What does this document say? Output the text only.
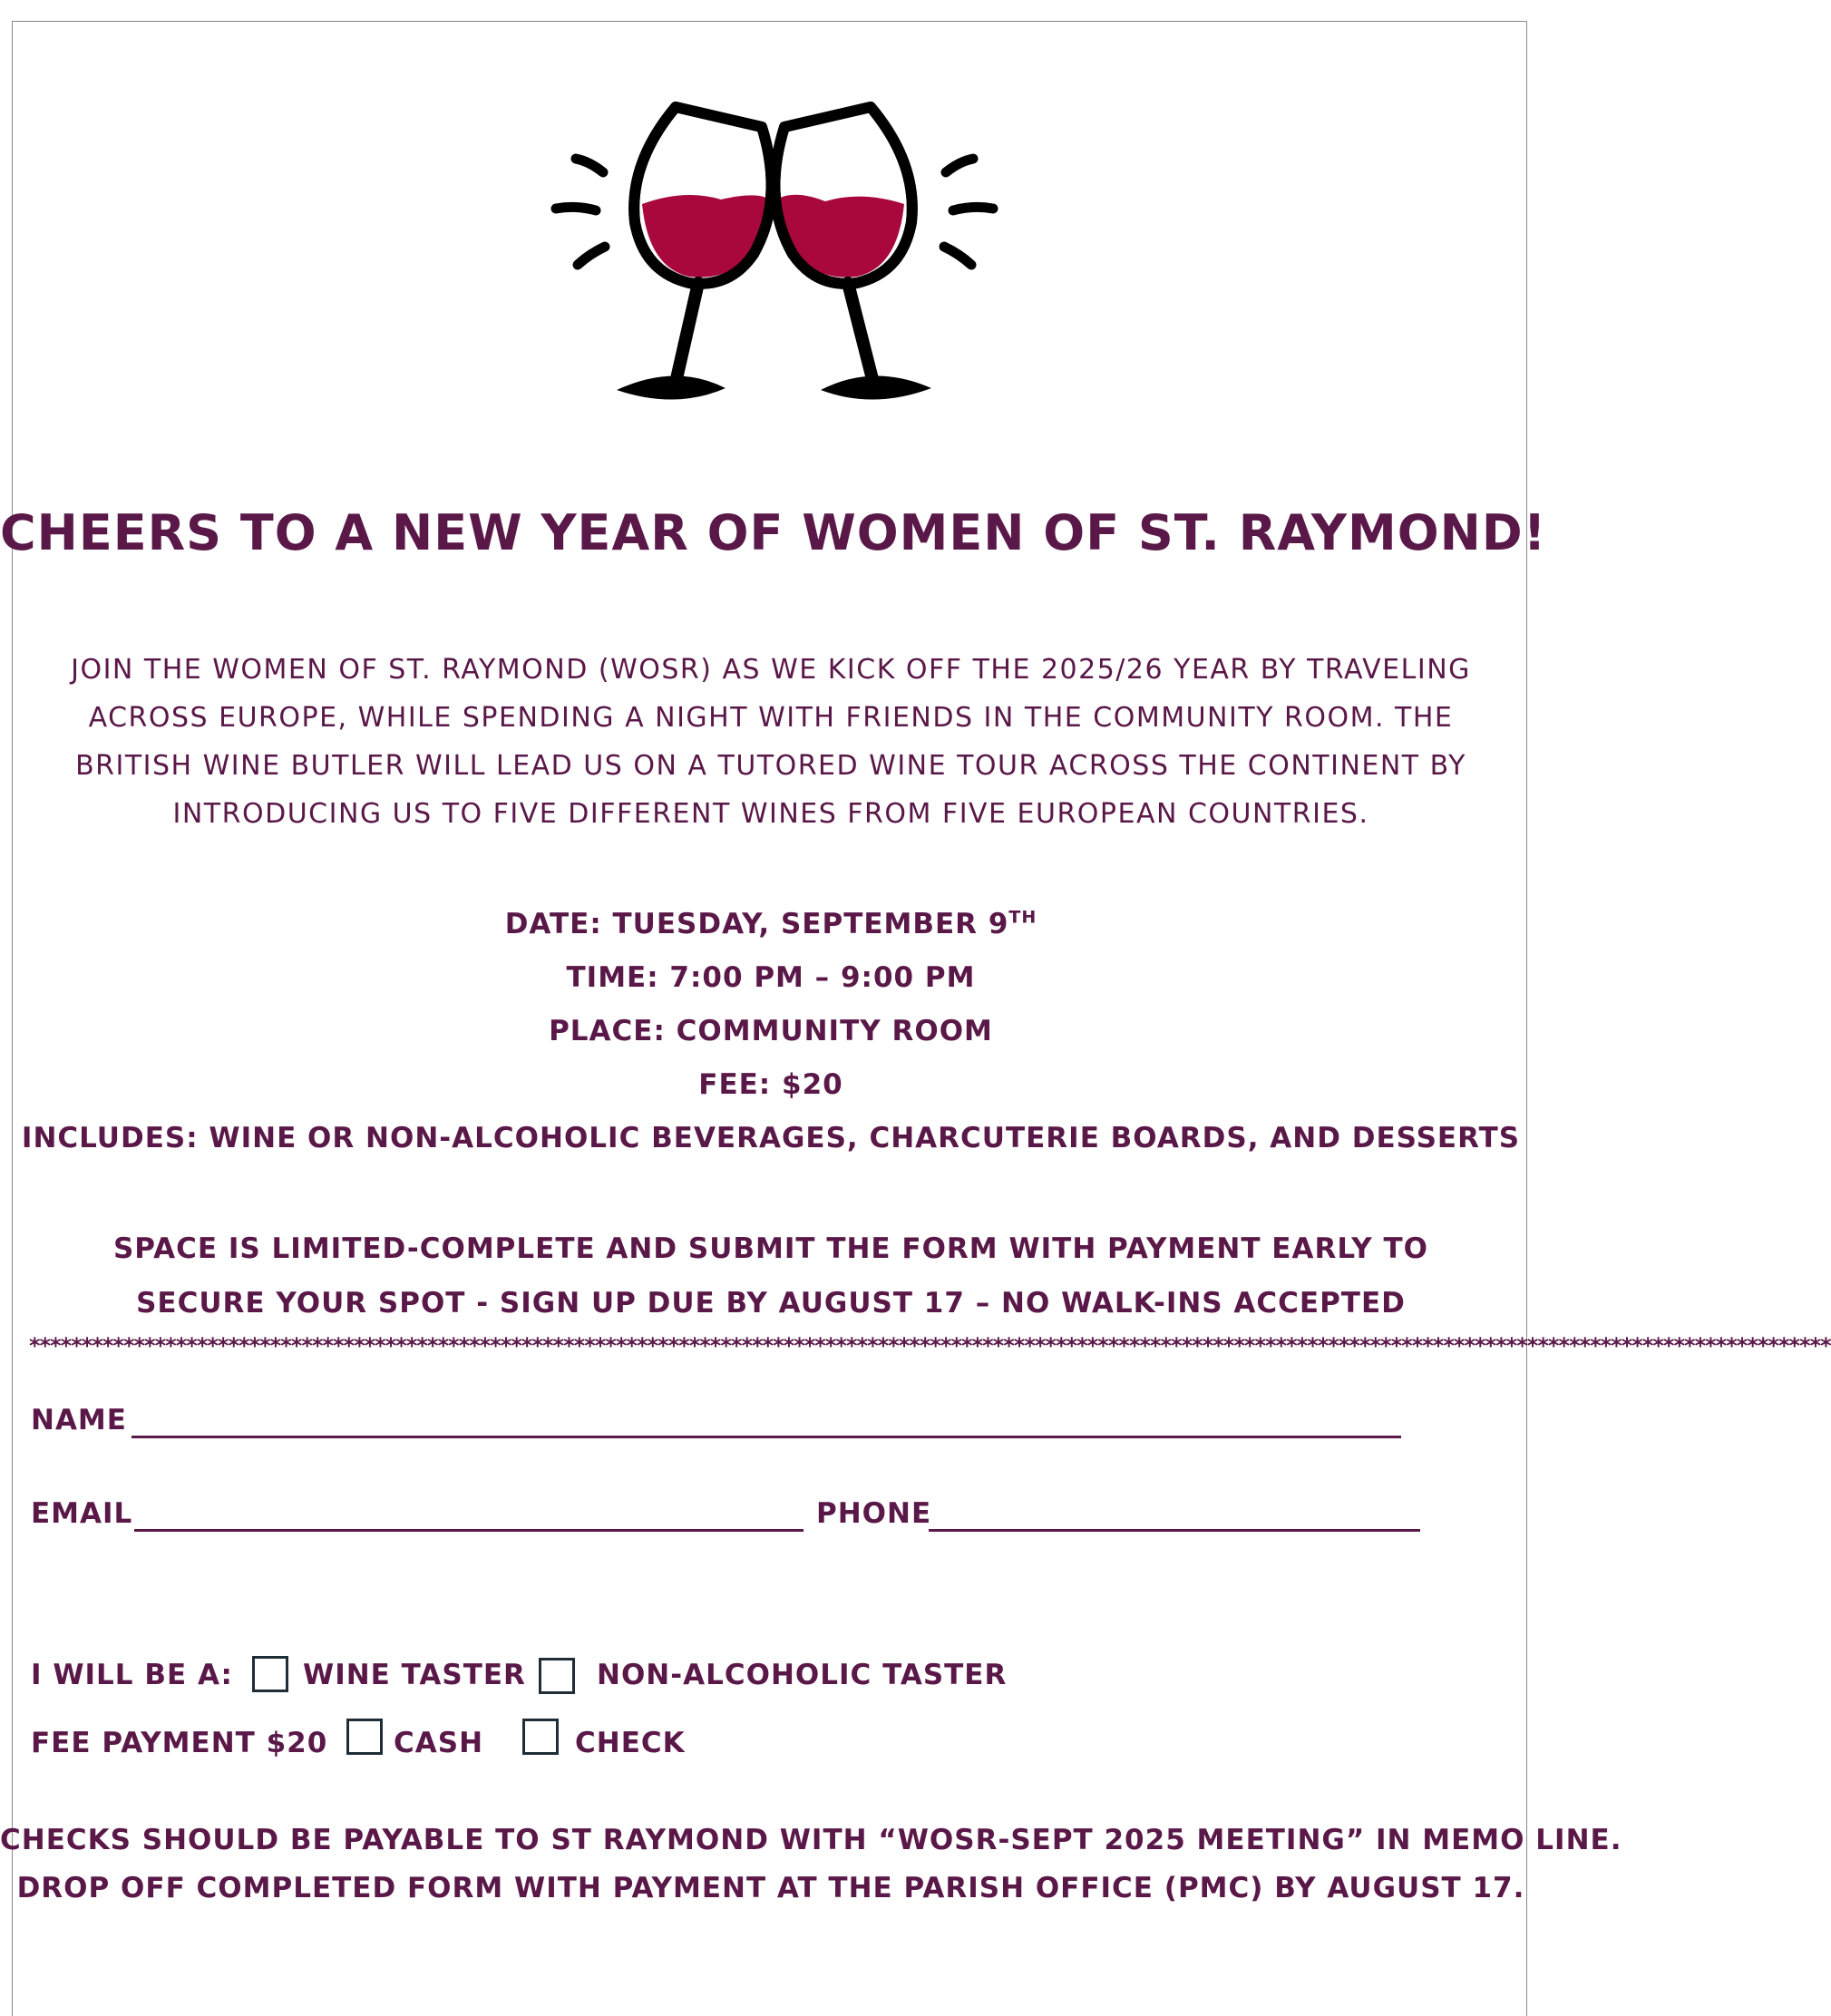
CHEERS TO A NEW YEAR OF WOMEN OF ST. RAYMOND!
JOIN THE WOMEN OF ST. RAYMOND (WOSR) AS WE KICK OFF THE 2025/26 YEAR BY TRAVELING
ACROSS EUROPE, WHILE SPENDING A NIGHT WITH FRIENDS IN THE COMMUNITY ROOM. THE
BRITISH WINE BUTLER WILL LEAD US ON A TUTORED WINE TOUR ACROSS THE CONTINENT BY
INTRODUCING US TO FIVE DIFFERENT WINES FROM FIVE EUROPEAN COUNTRIES.
DATE: TUESDAY, SEPTEMBER 9TH
TIME: 7:00 PM – 9:00 PM
PLACE: COMMUNITY ROOM
FEE: $20
INCLUDES: WINE OR NON-ALCOHOLIC BEVERAGES, CHARCUTERIE BOARDS, AND DESSERTS
SPACE IS LIMITED-COMPLETE AND SUBMIT THE FORM WITH PAYMENT EARLY TO
SECURE YOUR SPOT - SIGN UP DUE BY AUGUST 17 – NO WALK-INS ACCEPTED
****************************************************************************************************************************************************************************
NAME
EMAIL	PHONE
I WILL BE A: WINE TASTER	NON-ALCOHOLIC TASTER
FEE PAYMENT $20 CASH	CHECK
CHECKS SHOULD BE PAYABLE TO ST RAYMOND WITH “WOSR-SEPT 2025 MEETING” IN MEMO LINE.
DROP OFF COMPLETED FORM WITH PAYMENT AT THE PARISH OFFICE (PMC) BY AUGUST 17.
